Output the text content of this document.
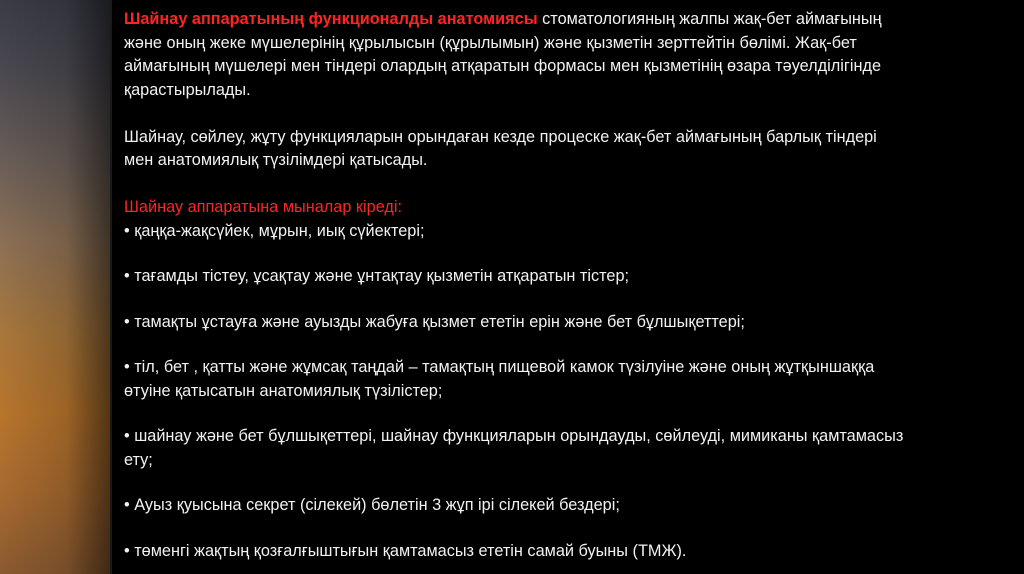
Шайнау аппаратының функционалды анатомиясы стоматологияның жалпы жақ-бет аймағының және оның жеке мүшелерінің құрылысын (құрылымын) және қызметін зерттейтін бөлімі. Жақ-бет аймағының мүшелері мен тіндері олардың атқаратын формасы мен қызметінің өзара тәуелділігінде қарастырылады.

Шайнау, сөйлеу, жұту функцияларын орындаған кезде процеске жақ-бет аймағының барлық тіндері мен анатомиялық түзілімдері қатысады.

Шайнау аппаратына мыналар кіреді:

• қаңқа-жақсүйек, мұрын, иық сүйектері;

• тағамды тістеу, ұсақтау және ұнтақтау қызметін атқаратын тістер;

• тамақты ұстауға және ауызды жабуға қызмет ететін ерін және бет бұлшықеттері;

• тіл, бет , қатты және жұмсақ таңдай – тамақтың пищевой камок түзілуіне және оның жұтқыншаққа өтуіне қатысатын анатомиялық түзілістер;

• шайнау және бет бұлшықеттері, шайнау функцияларын орындауды, сөйлеуді, мимиканы қамтамасыз ету;

• Ауыз қуысына секрет (сілекей) бөлетін 3 жұп ірі сілекей бездері;

• төменгі жақтың қозғалғыштығын қамтамасыз ететін самай буыны (ТМЖ).
